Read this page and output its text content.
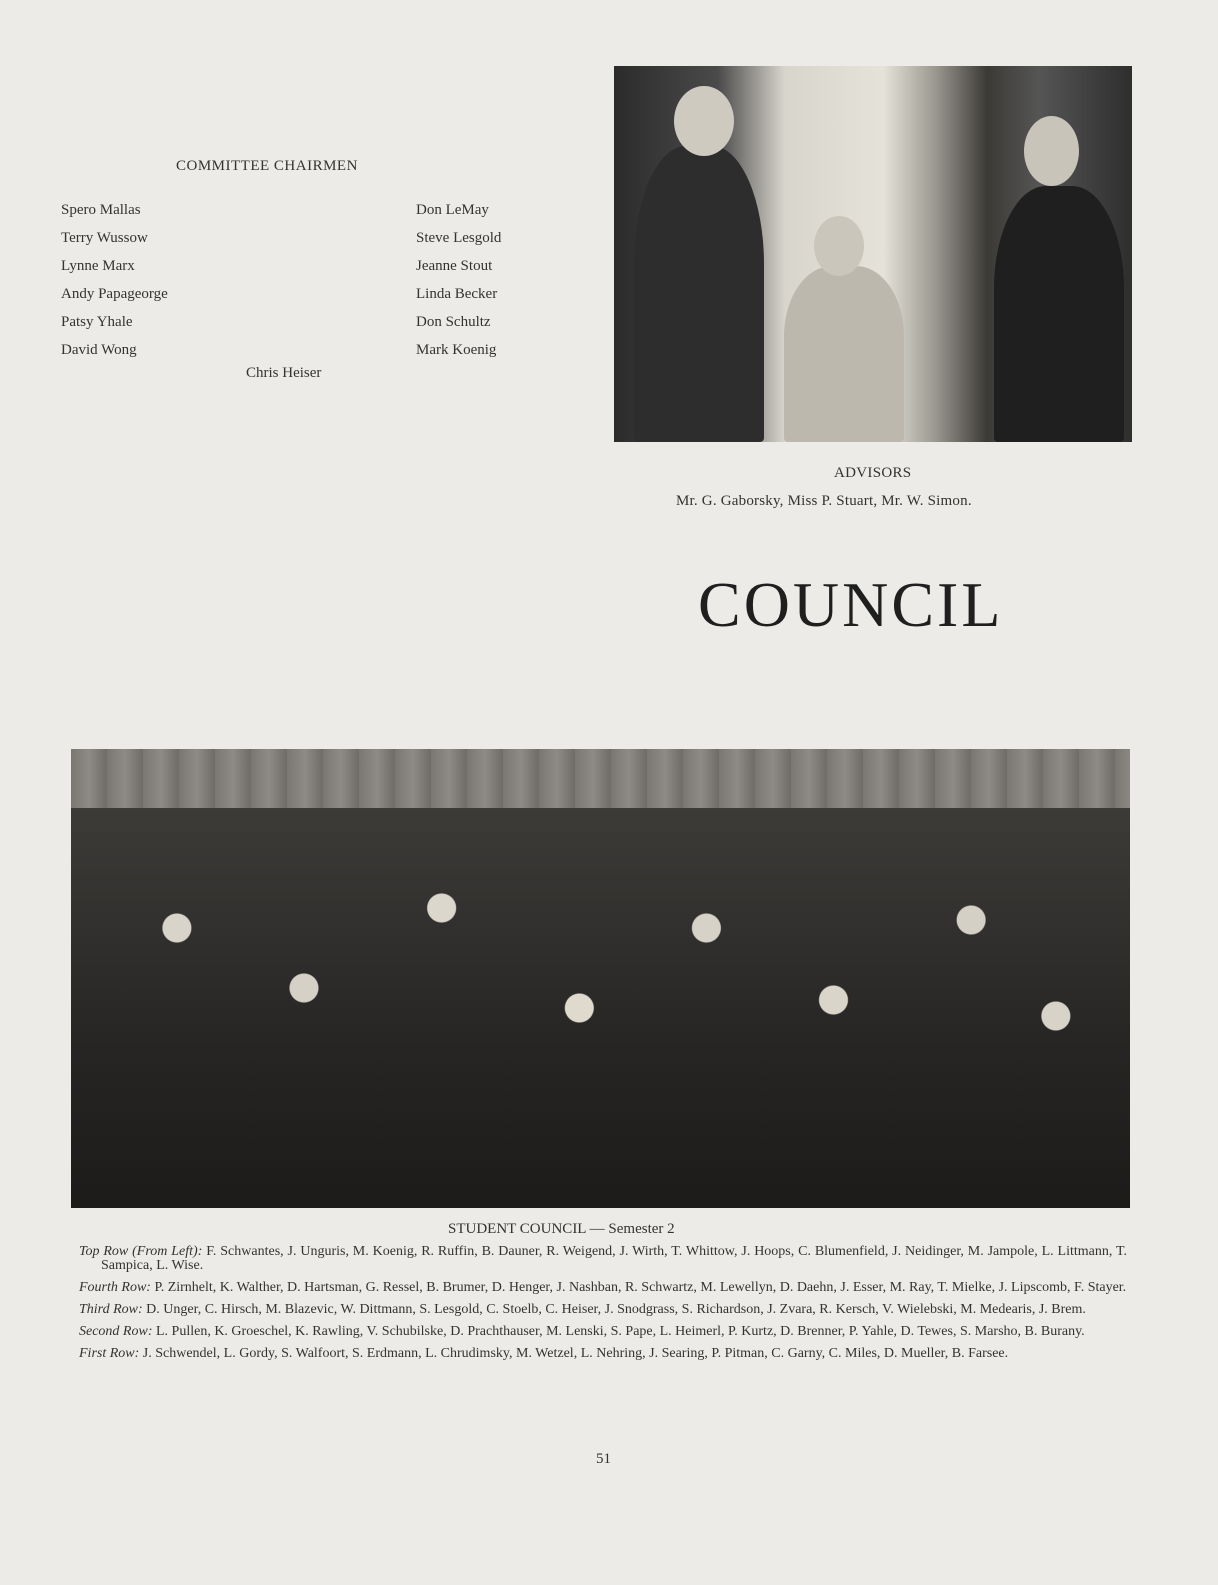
COMMITTEE CHAIRMEN
Spero Mallas
Terry Wussow
Lynne Marx
Andy Papageorge
Patsy Yhale
David Wong
Don LeMay
Steve Lesgold
Jeanne Stout
Linda Becker
Don Schultz
Mark Koenig
Chris Heiser
ADVISORS
Mr. G. Gaborsky, Miss P. Stuart, Mr. W. Simon.
COUNCIL
STUDENT COUNCIL — Semester 2

Top Row (From Left): F. Schwantes, J. Unguris, M. Koenig, R. Ruffin, B. Dauner, R. Weigend, J. Wirth, T. Whittow, J. Hoops, C. Blumenfield, J. Neidinger, M. Jampole, L. Littmann, T. Sampica, L. Wise.

Fourth Row: P. Zirnhelt, K. Walther, D. Hartsman, G. Ressel, B. Brumer, D. Henger, J. Nashban, R. Schwartz, M. Lewellyn, D. Daehn, J. Esser, M. Ray, T. Mielke, J. Lipscomb, F. Stayer.

Third Row: D. Unger, C. Hirsch, M. Blazevic, W. Dittmann, S. Lesgold, C. Stoelb, C. Heiser, J. Snodgrass, S. Richardson, J. Zvara, R. Kersch, V. Wielebski, M. Medearis, J. Brem.

Second Row: L. Pullen, K. Groeschel, K. Rawling, V. Schubilske, D. Prachthauser, M. Lenski, S. Pape, L. Heimerl, P. Kurtz, D. Brenner, P. Yahle, D. Tewes, S. Marsho, B. Burany.

First Row: J. Schwendel, L. Gordy, S. Walfoort, S. Erdmann, L. Chrudimsky, M. Wetzel, L. Nehring, J. Searing, P. Pitman, C. Garny, C. Miles, D. Mueller, B. Farsee.

51
